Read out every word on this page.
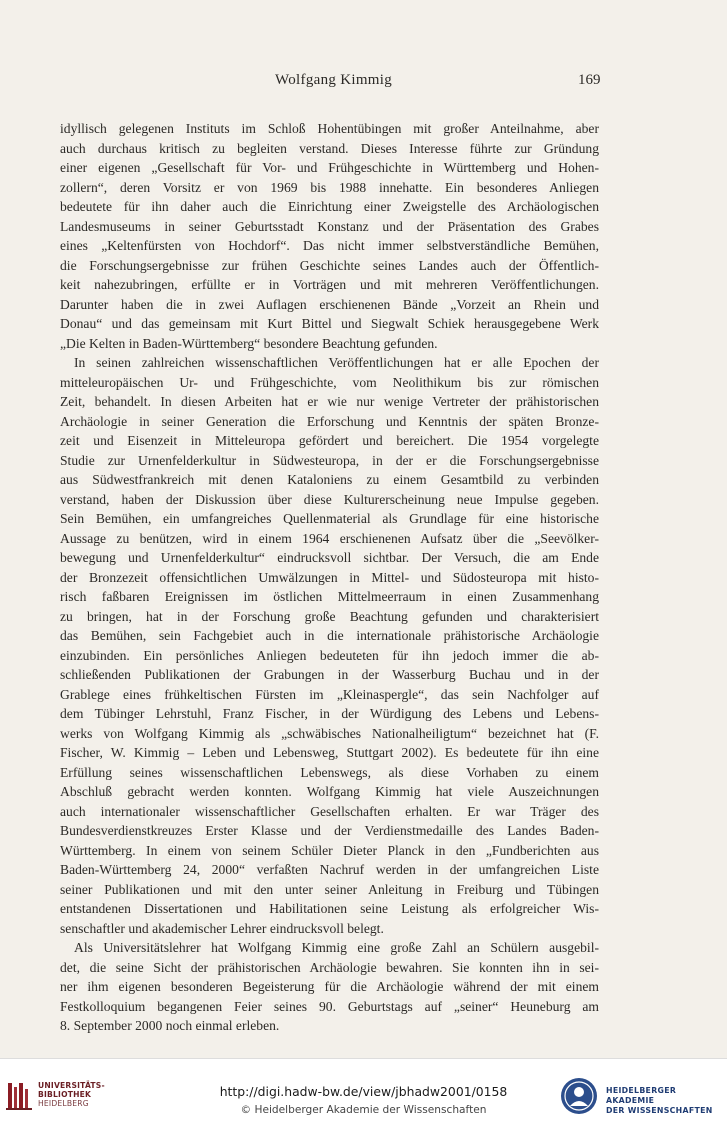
Wolfgang Kimmig	169
idyllisch gelegenen Instituts im Schloß Hohentübingen mit großer Anteilnahme, aber
auch durchaus kritisch zu begleiten verstand. Dieses Interesse führte zur Gründung
einer eigenen „Gesellschaft für Vor- und Frühgeschichte in Württemberg und Hohen-
zollern“, deren Vorsitz er von 1969 bis 1988 innehatte. Ein besonderes Anliegen
bedeutete für ihn daher auch die Einrichtung einer Zweigstelle des Archäologischen
Landesmuseums in seiner Geburtsstadt Konstanz und der Präsentation des Grabes
eines „Keltenfürsten von Hochdorf“. Das nicht immer selbstverständliche Bemühen,
die Forschungsergebnisse zur frühen Geschichte seines Landes auch der Öffentlich-
keit nahezubringen, erfüllte er in Vorträgen und mit mehreren Veröffentlichungen.
Darunter haben die in zwei Auflagen erschienenen Bände „Vorzeit an Rhein und
Donau“ und das gemeinsam mit Kurt Bittel und Siegwalt Schiek herausgegebene Werk
„Die Kelten in Baden-Württemberg“ besondere Beachtung gefunden.
In seinen zahlreichen wissenschaftlichen Veröffentlichungen hat er alle Epochen der
mitteleuropäischen Ur- und Frühgeschichte, vom Neolithikum bis zur römischen
Zeit, behandelt. In diesen Arbeiten hat er wie nur wenige Vertreter der prähistorischen
Archäologie in seiner Generation die Erforschung und Kenntnis der späten Bronze-
zeit und Eisenzeit in Mitteleuropa gefördert und bereichert. Die 1954 vorgelegte
Studie zur Urnenfelderkultur in Südwesteuropa, in der er die Forschungsergebnisse
aus Südwestfrankreich mit denen Kataloniens zu einem Gesamtbild zu verbinden
verstand, haben der Diskussion über diese Kulturerscheinung neue Impulse gegeben.
Sein Bemühen, ein umfangreiches Quellenmaterial als Grundlage für eine historische
Aussage zu benützen, wird in einem 1964 erschienenen Aufsatz über die „Seevölker-
bewegung und Urnenfelderkultur“ eindrucksvoll sichtbar. Der Versuch, die am Ende
der Bronzezeit offensichtlichen Umwälzungen in Mittel- und Südosteuropa mit histo-
risch faßbaren Ereignissen im östlichen Mittelmeerraum in einen Zusammenhang
zu bringen, hat in der Forschung große Beachtung gefunden und charakterisiert
das Bemühen, sein Fachgebiet auch in die internationale prähistorische Archäologie
einzubinden. Ein persönliches Anliegen bedeuteten für ihn jedoch immer die ab-
schließenden Publikationen der Grabungen in der Wasserburg Buchau und in der
Grablege eines frühkeltischen Fürsten im „Kleinaspergle“, das sein Nachfolger auf
dem Tübinger Lehrstuhl, Franz Fischer, in der Würdigung des Lebens und Lebens-
werks von Wolfgang Kimmig als „schwäbisches Nationalheiligtum“ bezeichnet hat (F.
Fischer, W. Kimmig – Leben und Lebensweg, Stuttgart 2002). Es bedeutete für ihn eine
Erfüllung seines wissenschaftlichen Lebenswegs, als diese Vorhaben zu einem
Abschluß gebracht werden konnten. Wolfgang Kimmig hat viele Auszeichnungen
auch internationaler wissenschaftlicher Gesellschaften erhalten. Er war Träger des
Bundesverdienstkreuzes Erster Klasse und der Verdienstmedaille des Landes Baden-
Württemberg. In einem von seinem Schüler Dieter Planck in den „Fundberichten aus
Baden-Württemberg 24, 2000“ verfaßten Nachruf werden in der umfangreichen Liste
seiner Publikationen und mit den unter seiner Anleitung in Freiburg und Tübingen
entstandenen Dissertationen und Habilitationen seine Leistung als erfolgreicher Wis-
senschaftler und akademischer Lehrer eindrucksvoll belegt.
Als Universitätslehrer hat Wolfgang Kimmig eine große Zahl an Schülern ausgebil-
det, die seine Sicht der prähistorischen Archäologie bewahren. Sie konnten ihn in sei-
ner ihm eigenen besonderen Begeisterung für die Archäologie während der mit einem
Festkolloquium begangenen Feier seines 90. Geburtstags auf „seiner“ Heuneburg am
8. September 2000 noch einmal erleben.
UNIVERSITÄTS-
BIBLIOTHEK
HEIDELBERG
http://digi.hadw-bw.de/view/jbhadw2001/0158
© Heidelberger Akademie der Wissenschaften
HEIDELBERGER AKADEMIE
DER WISSENSCHAFTEN
